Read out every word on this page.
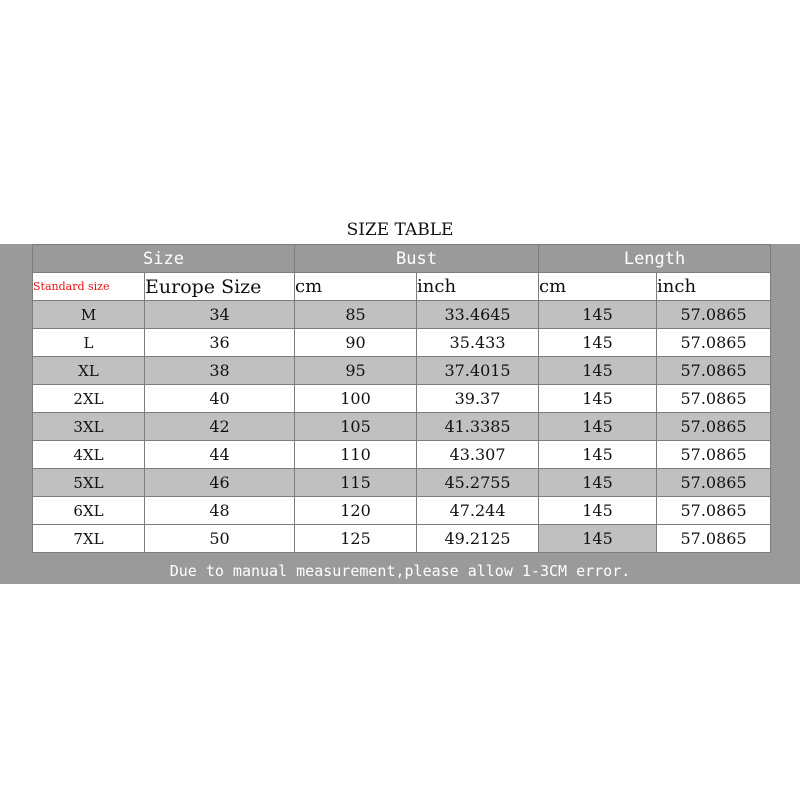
SIZE TABLE
Size		Bust		Length	
Standard size	Europe Size	cm	inch	cm	inch
M	34	85	33.4645	145	57.0865
L	36	90	35.433	145	57.0865
XL	38	95	37.4015	145	57.0865
2XL	40	100	39.37	145	57.0865
3XL	42	105	41.3385	145	57.0865
4XL	44	110	43.307	145	57.0865
5XL	46	115	45.2755	145	57.0865
6XL	48	120	47.244	145	57.0865
7XL	50	125	49.2125	145	57.0865
Due to manual measurement,please allow 1-3CM error.
